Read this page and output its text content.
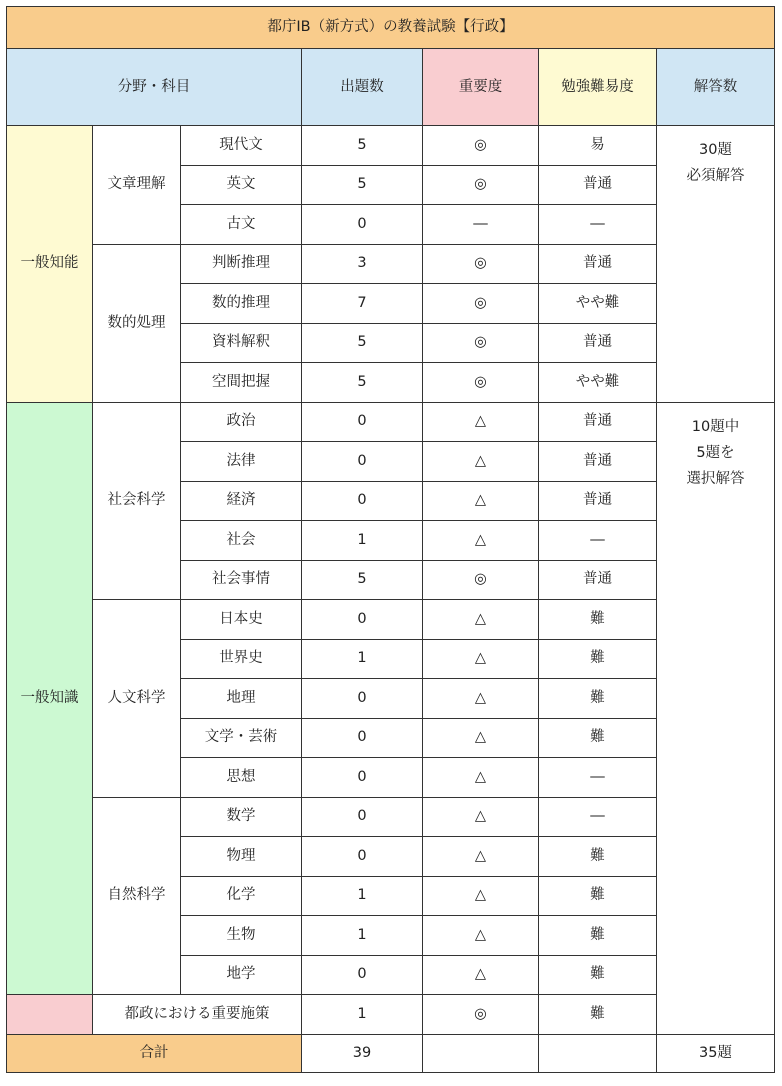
都庁ⅠB（新方式）の教養試験【行政】						
分野・科目			出題数	重要度	勉強難易度	解答数
一般知能	文章理解	現代文	5	◎	易	30題
必須解答

		英文	5	◎	普通	
		古文	0	―	―	
	数的処理	判断推理	3	◎	普通	
		数的推理	7	◎	やや難	
		資料解釈	5	◎	普通	
		空間把握	5	◎	やや難	
一般知識	社会科学	政治	0	△	普通	10題中
5題を
選択解答

		法律	0	△	普通	
		経済	0	△	普通	
		社会	1	△	―	
		社会事情	5	◎	普通	
	人文科学	日本史	0	△	難	
		世界史	1	△	難	
		地理	0	△	難	
		文学・芸術	0	△	難	
		思想	0	△	―	
	自然科学	数学	0	△	―	
		物理	0	△	難	
		化学	1	△	難	
		生物	1	△	難	
		地学	0	△	難	
	都政における重要施策		1	◎	難	
合計			39			35題
